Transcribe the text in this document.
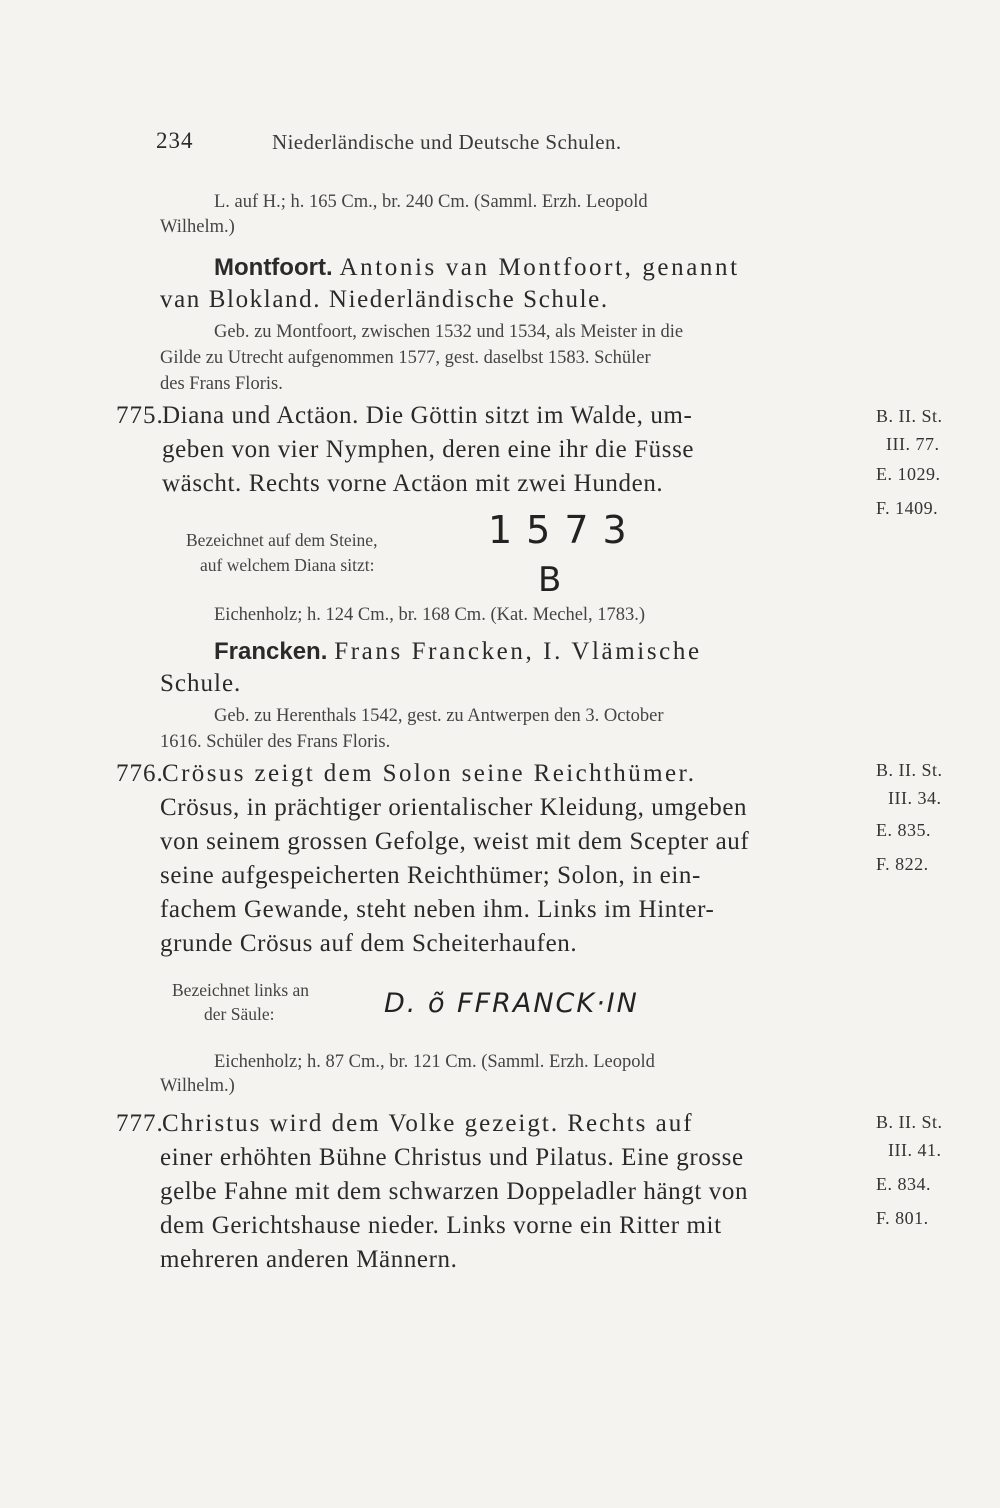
234	Niederländische und Deutsche Schulen.
L. auf H.; h. 165 Cm., br. 240 Cm. (Samml. Erzh. Leopold
Wilhelm.)
Montfoort. Antonis van Montfoort, genannt
van Blokland. Niederländische Schule.
Geb. zu Montfoort, zwischen 1532 und 1534, als Meister in die
Gilde zu Utrecht aufgenommen 1577, gest. daselbst 1583. Schüler
des Frans Floris.
775.
Diana und Actäon. Die Göttin sitzt im Walde, um-
geben von vier Nymphen, deren eine ihr die Füsse
wäscht. Rechts vorne Actäon mit zwei Hunden.
B. II. St.
III. 77.
E. 1029.
F. 1409.
Bezeichnet auf dem Steine,
auf welchem Diana sitzt:
1573
B
Eichenholz; h. 124 Cm., br. 168 Cm. (Kat. Mechel, 1783.)
Francken. Frans Francken, I. Vlämische
Schule.
Geb. zu Herenthals 1542, gest. zu Antwerpen den 3. October
1616. Schüler des Frans Floris.
776.
Crösus zeigt dem Solon seine Reichthümer.
Crösus, in prächtiger orientalischer Kleidung, umgeben
von seinem grossen Gefolge, weist mit dem Scepter auf
seine aufgespeicherten Reichthümer; Solon, in ein-
fachem Gewande, steht neben ihm. Links im Hinter-
grunde Crösus auf dem Scheiterhaufen.
B. II. St.
III. 34.
E. 835.
F. 822.
Bezeichnet links an
der Säule:	D. õ FFRANCK·IN
Eichenholz; h. 87 Cm., br. 121 Cm. (Samml. Erzh. Leopold
Wilhelm.)
777.
Christus wird dem Volke gezeigt. Rechts auf
einer erhöhten Bühne Christus und Pilatus. Eine grosse
gelbe Fahne mit dem schwarzen Doppeladler hängt von
dem Gerichtshause nieder. Links vorne ein Ritter mit
mehreren anderen Männern.
B. II. St.
III. 41.
E. 834.
F. 801.
